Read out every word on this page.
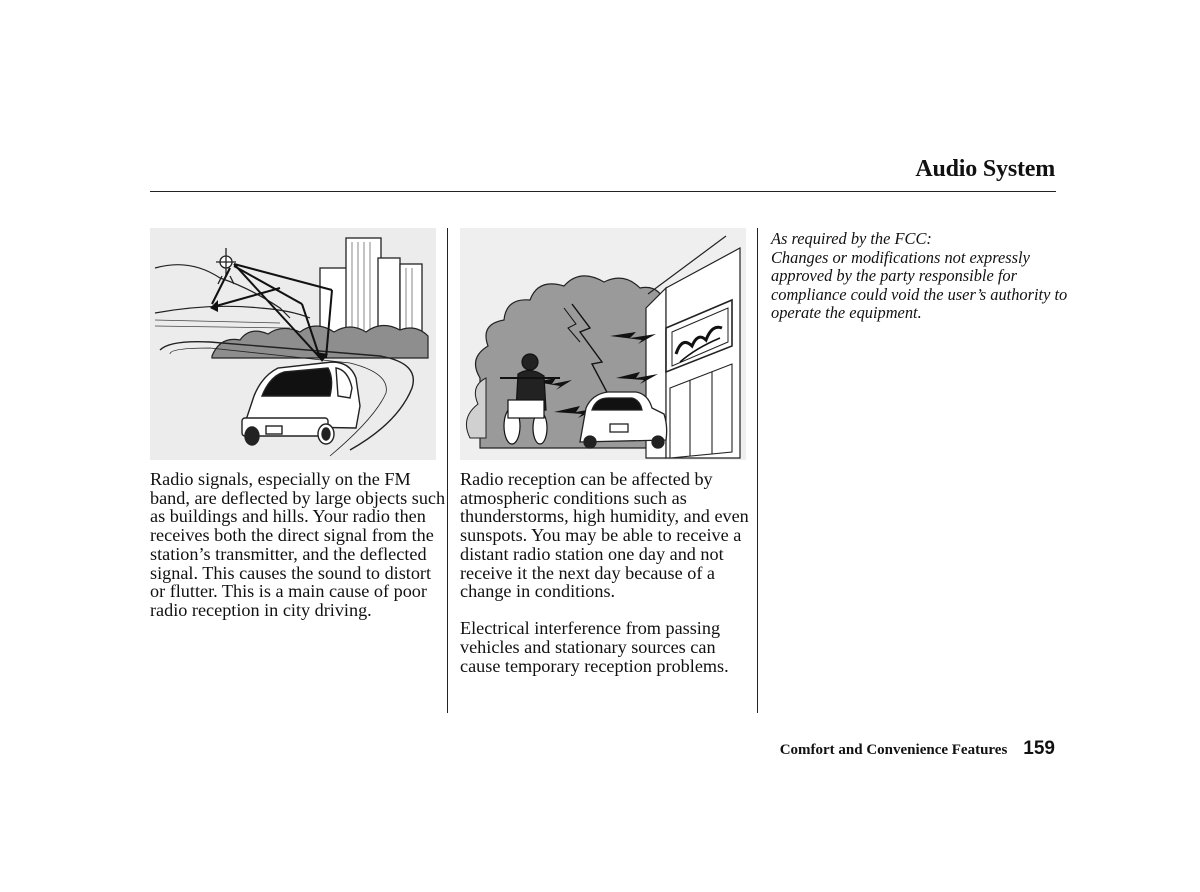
Audio System
Radio signals, especially on the FM band, are deflected by large objects such as buildings and hills. Your radio then receives both the direct signal from the station’s transmitter, and the deflected signal. This causes the sound to distort or flutter. This is a main cause of poor radio reception in city driving.

Radio reception can be affected by atmospheric conditions such as thunderstorms, high humidity, and even sunspots. You may be able to receive a distant radio station one day and not receive it the next day because of a change in conditions.

Electrical interference from passing vehicles and stationary sources can cause temporary reception problems.

As required by the FCC:
Changes or modifications not expressly approved by the party responsible for compliance could void the user’s authority to operate the equipment.
Comfort and Convenience Features 159
